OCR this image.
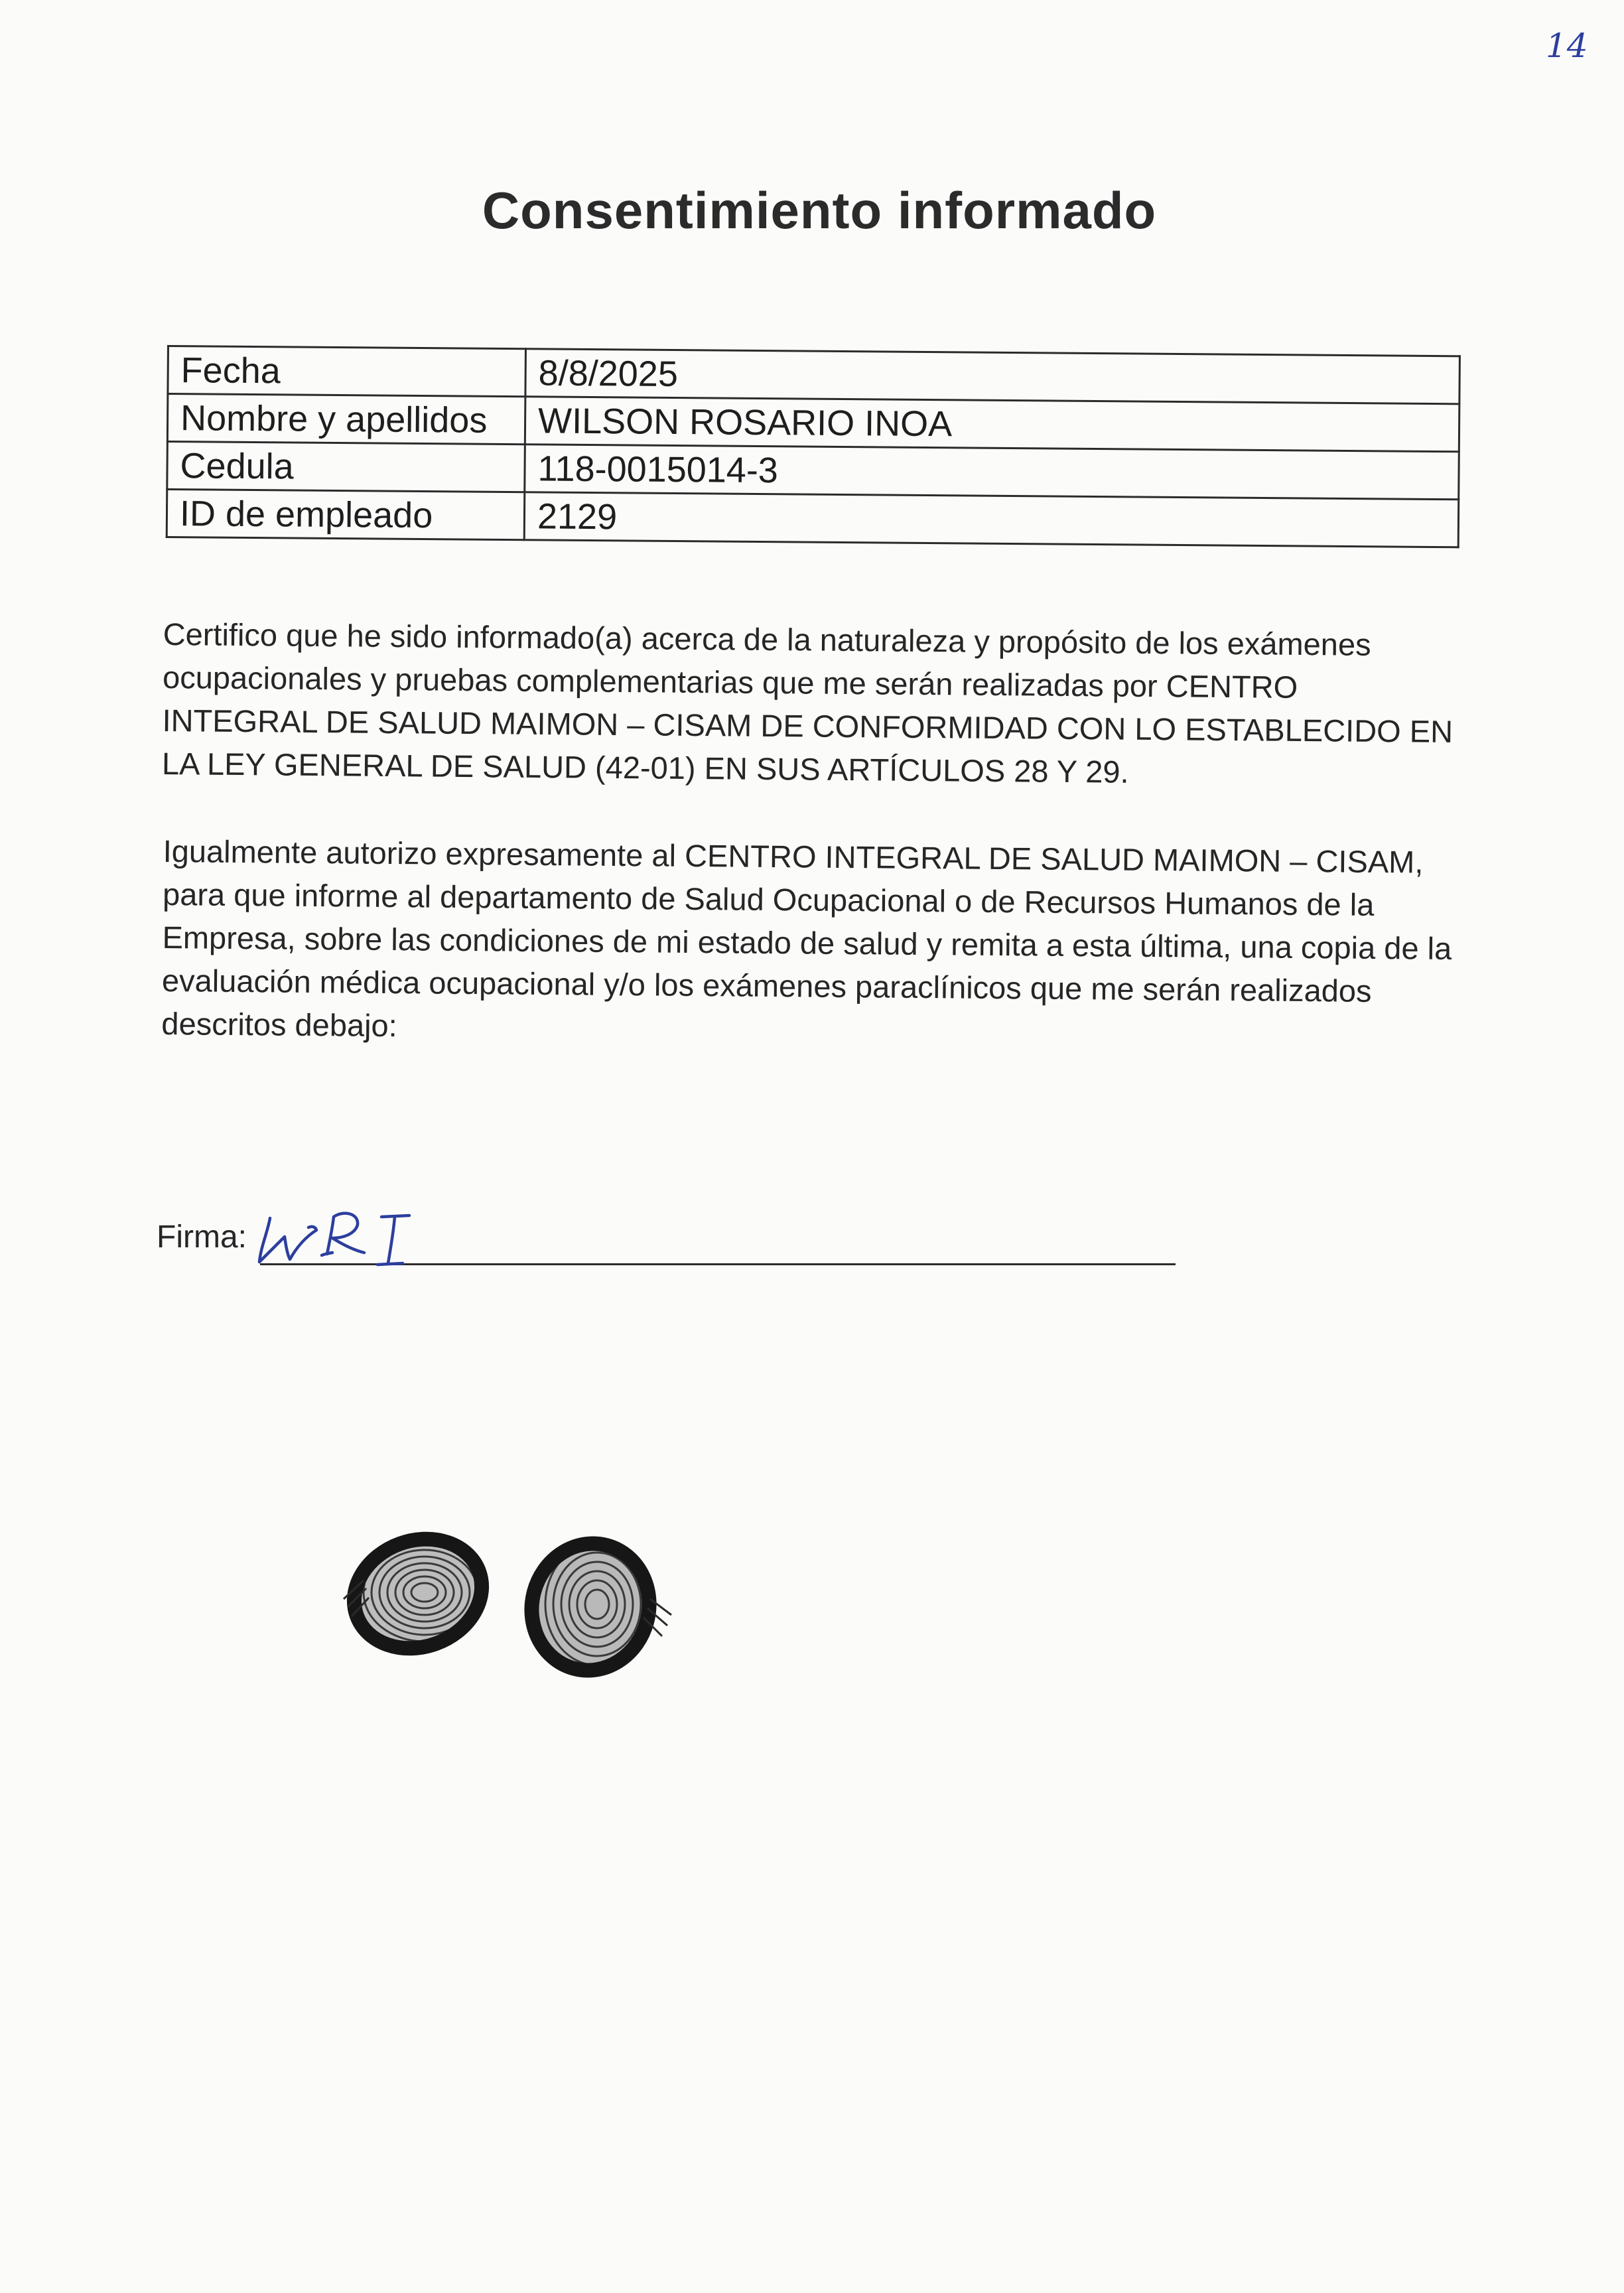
14
Consentimiento informado
Fecha	8/8/2025
Nombre y apellidos	WILSON ROSARIO INOA
Cedula	118-0015014-3
ID de empleado	2129

Certifico que he sido informado(a) acerca de la naturaleza y propósito de los exámenes ocupacionales y pruebas complementarias que me serán realizadas por CENTRO INTEGRAL DE SALUD MAIMON – CISAM DE CONFORMIDAD CON LO ESTABLECIDO EN LA LEY GENERAL DE SALUD (42-01) EN SUS ARTÍCULOS 28 Y 29.

Igualmente autorizo expresamente al CENTRO INTEGRAL DE SALUD MAIMON – CISAM, para que informe al departamento de Salud Ocupacional o de Recursos Humanos de la Empresa, sobre las condiciones de mi estado de salud y remita a esta última, una copia de la evaluación médica ocupacional y/o los exámenes paraclínicos que me serán realizados descritos debajo:

Firma:
